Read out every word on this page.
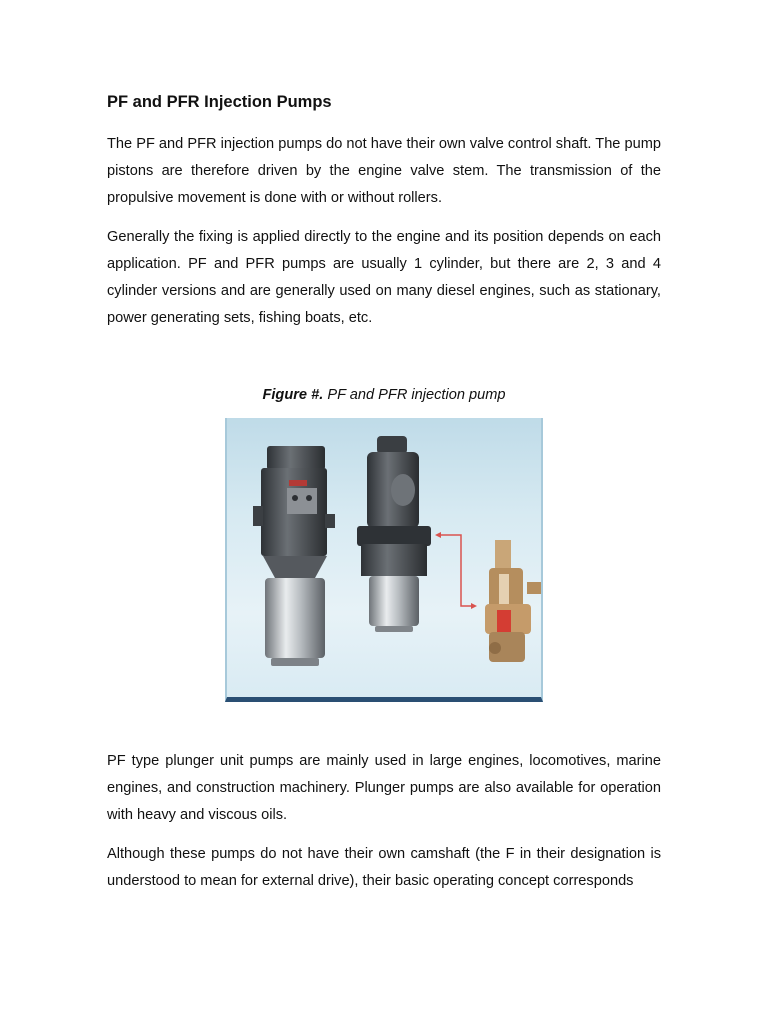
PF and PFR Injection Pumps

The PF and PFR injection pumps do not have their own valve control shaft. The pump pistons are therefore driven by the engine valve stem. The transmission of the propulsive movement is done with or without rollers.

Generally the fixing is applied directly to the engine and its position depends on each application. PF and PFR pumps are usually 1 cylinder, but there are 2, 3 and 4 cylinder versions and are generally used on many diesel engines, such as stationary, power generating sets, fishing boats, etc.

Figure #. PF and PFR injection pump

PF type plunger unit pumps are mainly used in large engines, locomotives, marine engines, and construction machinery. Plunger pumps are also available for operation with heavy and viscous oils.

Although these pumps do not have their own camshaft (the F in their designation is understood to mean for external drive), their basic operating concept corresponds
